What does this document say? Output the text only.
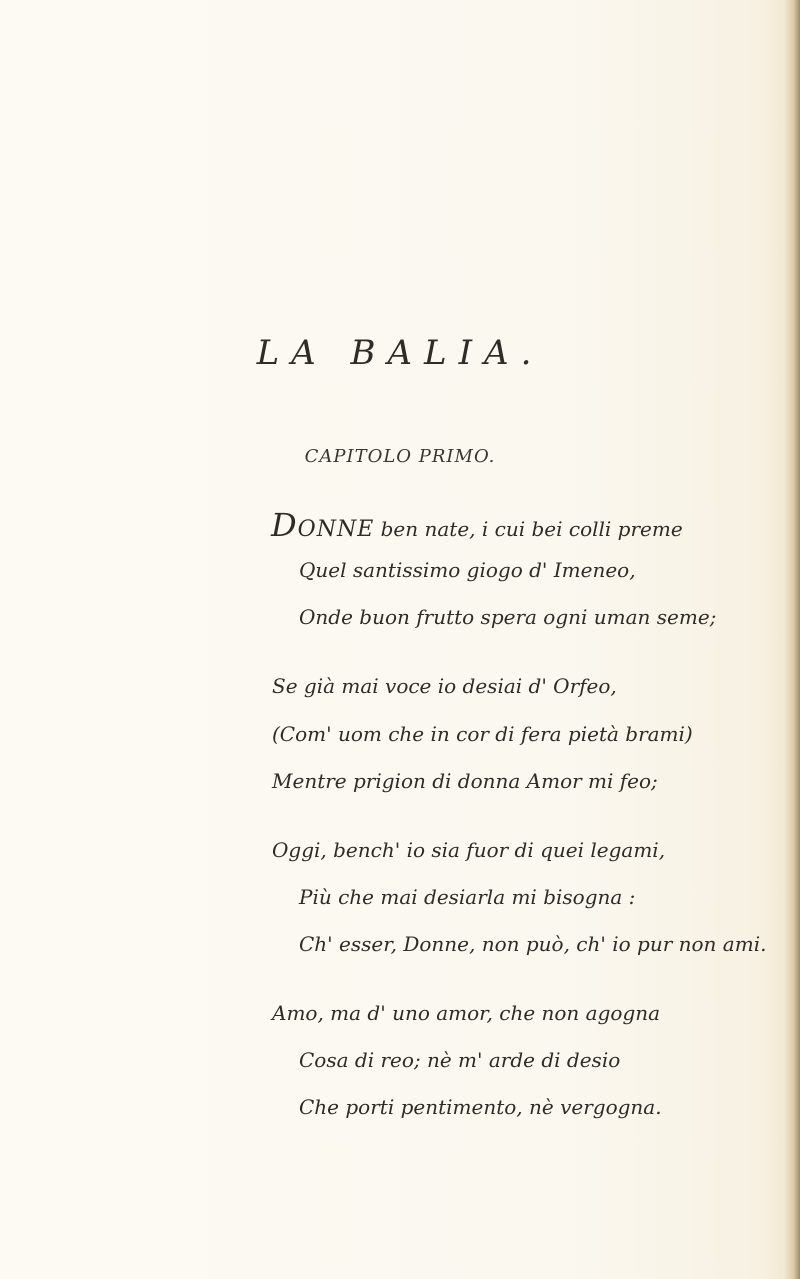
LA BALIA.
CAPITOLO PRIMO.
DONNE ben nate, i cui bei colli preme
Quel santissimo giogo d' Imeneo,
Onde buon frutto spera ogni uman seme;
Se già mai voce io desiai d' Orfeo,
(Com' uom che in cor di fera pietà brami)
Mentre prigion di donna Amor mi feo;
Oggi, bench' io sia fuor di quei legami,
Più che mai desiarla mi bisogna :
Ch' esser, Donne, non può, ch' io pur non ami.
Amo, ma d' uno amor, che non agogna
Cosa di reo; nè m' arde di desio
Che porti pentimento, nè vergogna.
